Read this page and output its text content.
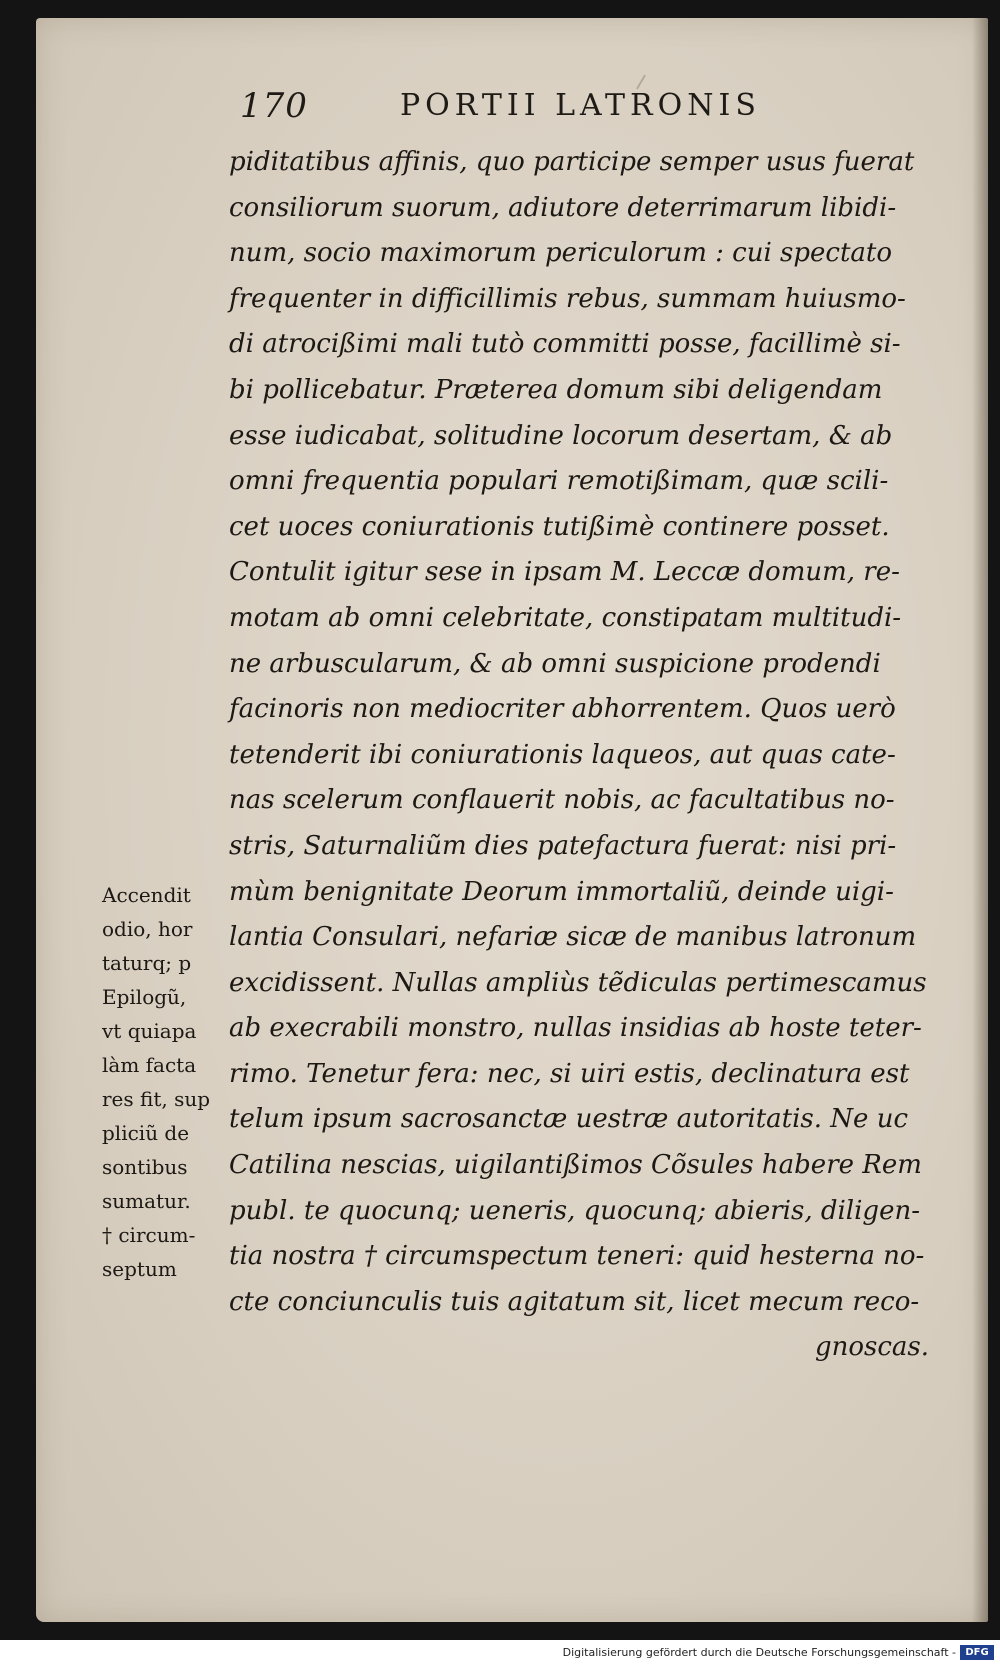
170	PORTII LATRONIS
piditatibus affinis, quo participe semper usus fuerat
consiliorum suorum, adiutore deterrimarum libidi-
num, socio maximorum periculorum : cui spectato
frequenter in difficillimis rebus, summam huiusmo-
di atrocißimi mali tutò committi posse, facillimè si-
bi pollicebatur. Præterea domum sibi deligendam
esse iudicabat, solitudine locorum desertam, & ab
omni frequentia populari remotißimam, quæ scili-
cet uoces coniurationis tutißimè continere posset.
Contulit igitur sese in ipsam M. Leccæ domum, re-
motam ab omni celebritate, constipatam multitudi-
ne arbuscularum, & ab omni suspicione prodendi
facinoris non mediocriter abhorrentem. Quos uerò
tetenderit ibi coniurationis laqueos, aut quas cate-
nas scelerum conflauerit nobis, ac facultatibus no-
stris, Saturnaliũm dies patefactura fuerat: nisi pri-
mùm benignitate Deorum immortaliũ, deinde uigi-
lantia Consulari, nefariæ sicæ de manibus latronum
excidissent. Nullas ampliùs tẽdiculas pertimescamus
ab execrabili monstro, nullas insidias ab hoste teter-
rimo. Tenetur fera: nec, si uiri estis, declinatura est
telum ipsum sacrosanctæ uestræ autoritatis. Ne uc
Catilina nescias, uigilantißimos Cõsules habere Rem
publ. te quocunq; ueneris, quocunq; abieris, diligen-
tia nostra † circumspectum teneri: quid hesterna no-
cte conciunculis tuis agitatum sit, licet mecum reco-
gnoscas.
Accendit
odio, hor
taturq; p
Epilogũ,
vt quiapa
làm facta
res fit, sup
pliciũ de
sontibus
sumatur.
† circum-
septum
Digitalisierung gefördert durch die Deutsche Forschungsgemeinschaft - DFG
